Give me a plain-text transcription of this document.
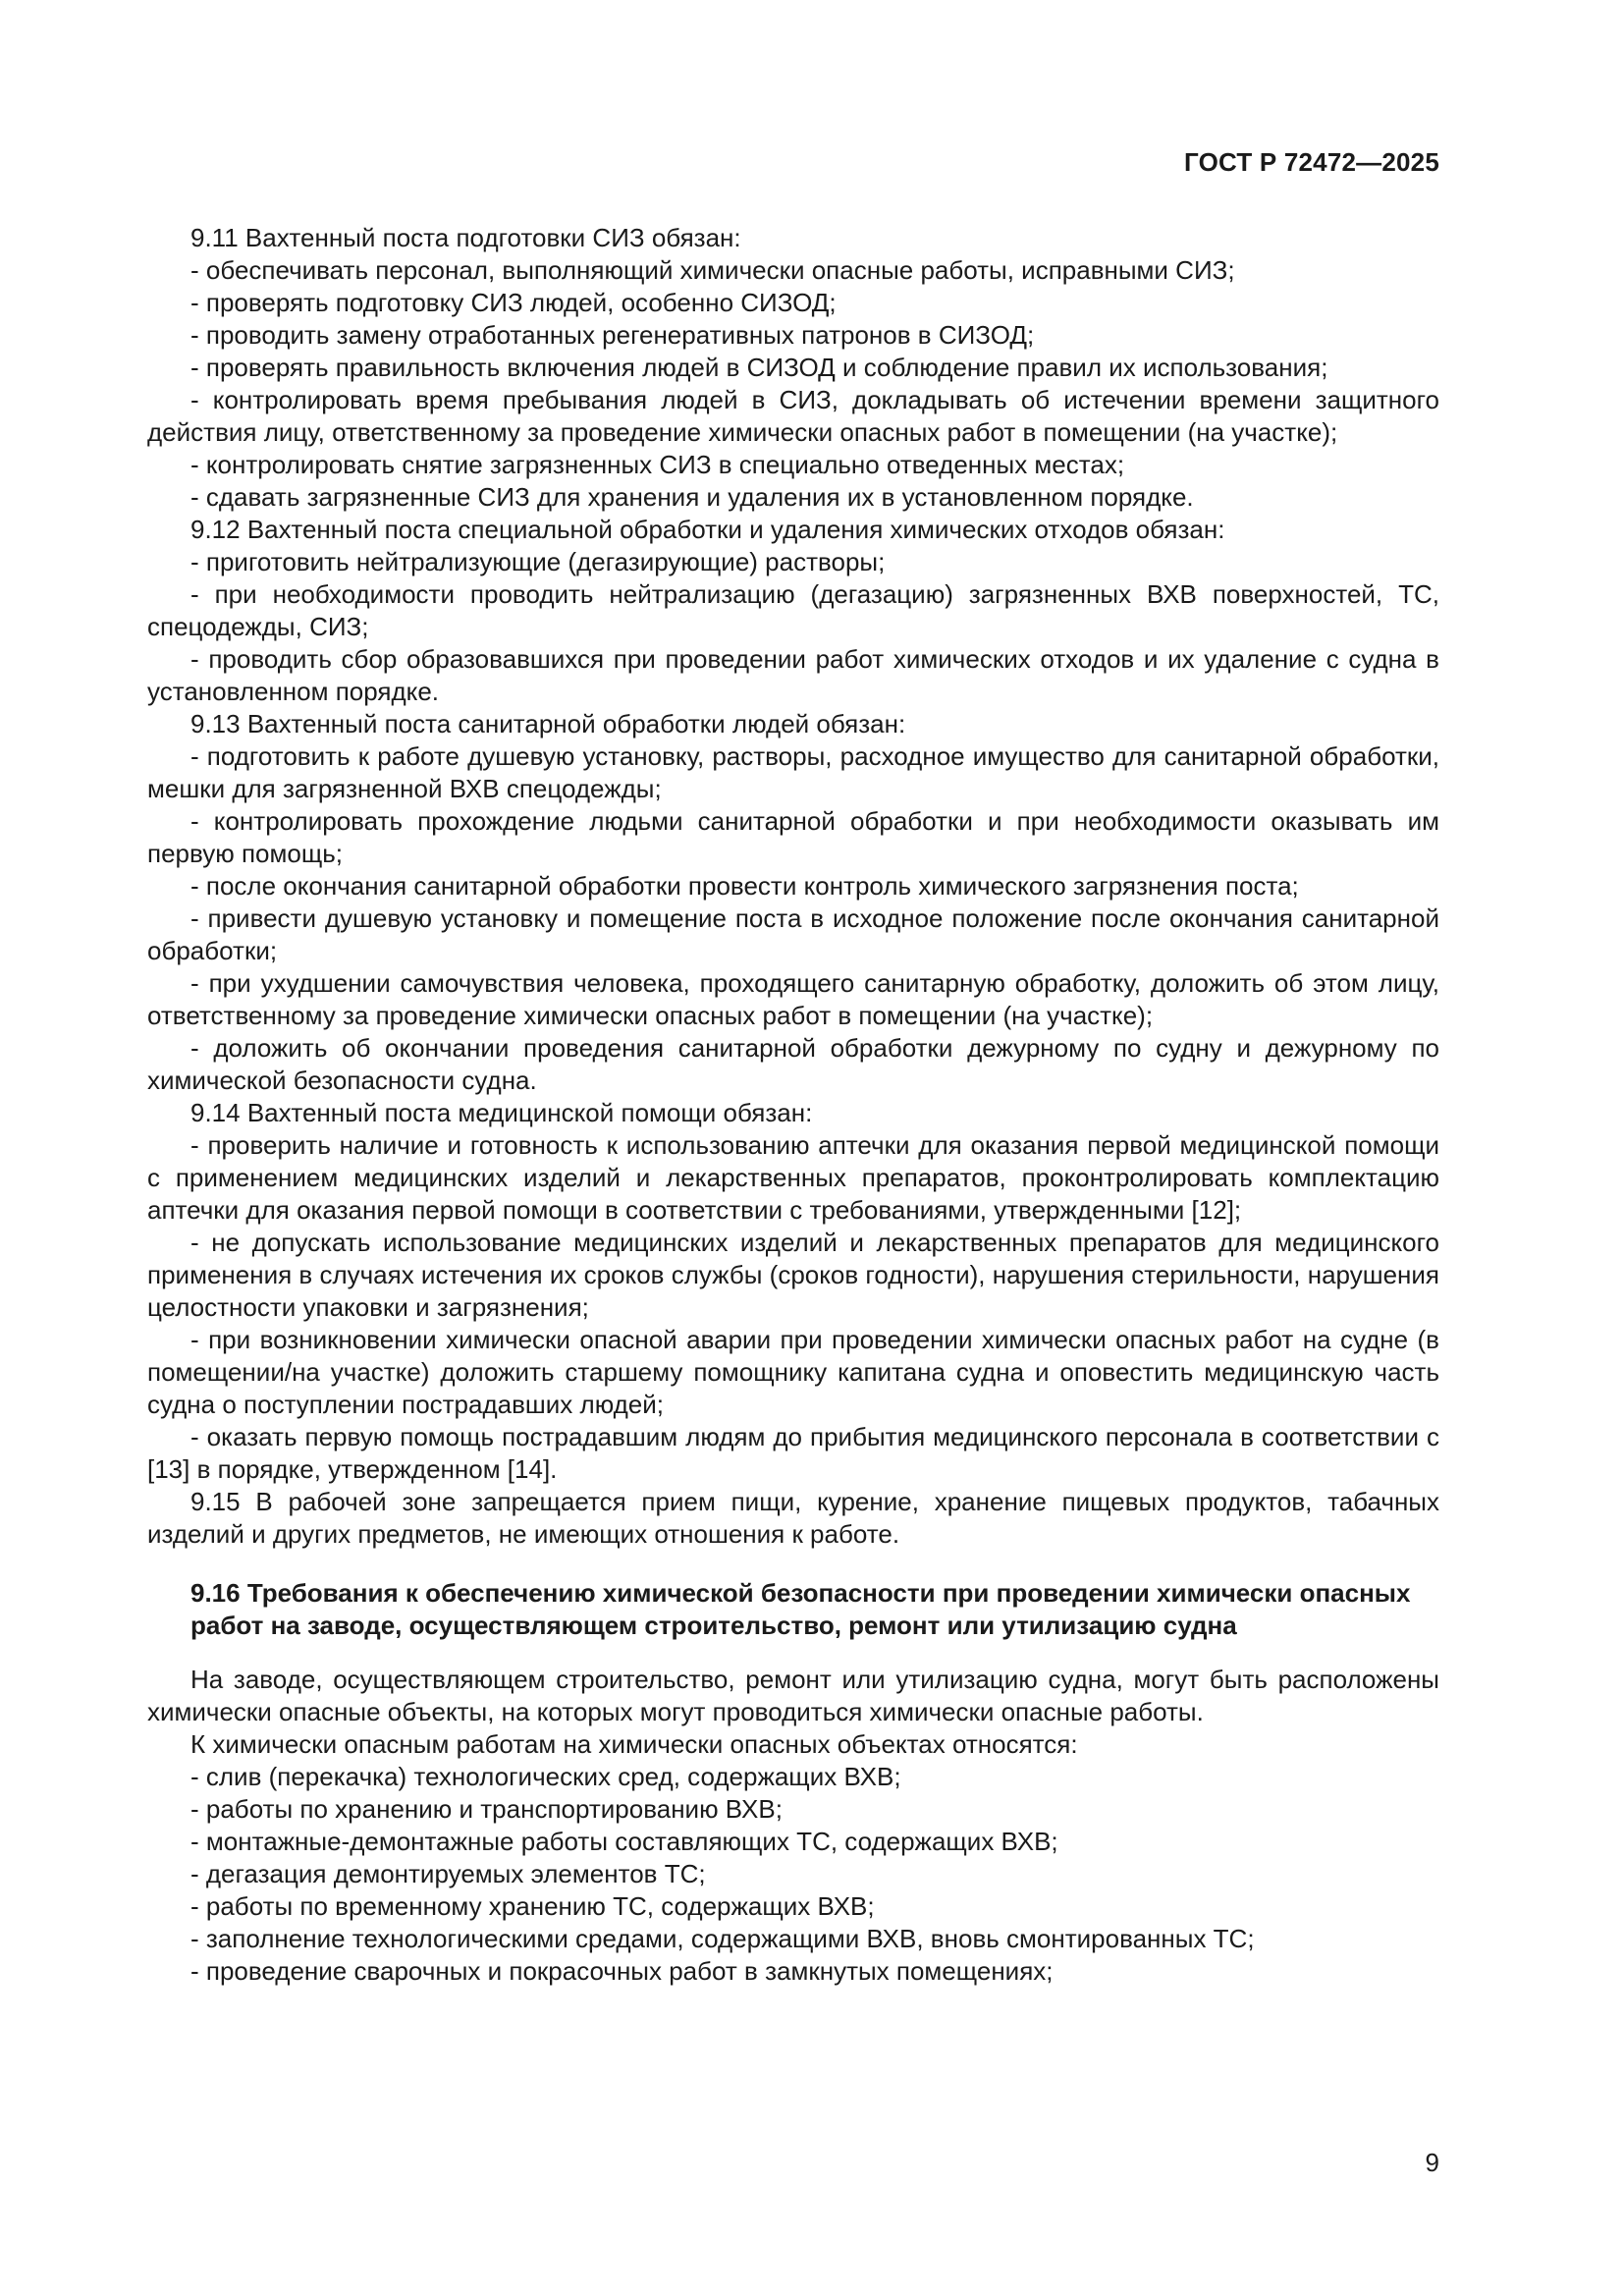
ГОСТ Р 72472—2025

9.11 Вахтенный поста подготовки СИЗ обязан:

- обеспечивать персонал, выполняющий химически опасные работы, исправными СИЗ;

- проверять подготовку СИЗ людей, особенно СИЗОД;

- проводить замену отработанных регенеративных патронов в СИЗОД;

- проверять правильность включения людей в СИЗОД и соблюдение правил их использования;

- контролировать время пребывания людей в СИЗ, докладывать об истечении времени защитного действия лицу, ответственному за проведение химически опасных работ в помещении (на участке);

- контролировать снятие загрязненных СИЗ в специально отведенных местах;

- сдавать загрязненные СИЗ для хранения и удаления их в установленном порядке.

9.12 Вахтенный поста специальной обработки и удаления химических отходов обязан:

- приготовить нейтрализующие (дегазирующие) растворы;

- при необходимости проводить нейтрализацию (дегазацию) загрязненных ВХВ поверхностей, ТС, спецодежды, СИЗ;

- проводить сбор образовавшихся при проведении работ химических отходов и их удаление с судна в установленном порядке.

9.13 Вахтенный поста санитарной обработки людей обязан:

- подготовить к работе душевую установку, растворы, расходное имущество для санитарной обработки, мешки для загрязненной ВХВ спецодежды;

- контролировать прохождение людьми санитарной обработки и при необходимости оказывать им первую помощь;

- после окончания санитарной обработки провести контроль химического загрязнения поста;

- привести душевую установку и помещение поста в исходное положение после окончания санитарной обработки;

- при ухудшении самочувствия человека, проходящего санитарную обработку, доложить об этом лицу, ответственному за проведение химически опасных работ в помещении (на участке);

- доложить об окончании проведения санитарной обработки дежурному по судну и дежурному по химической безопасности судна.

9.14 Вахтенный поста медицинской помощи обязан:

- проверить наличие и готовность к использованию аптечки для оказания первой медицинской помощи с применением медицинских изделий и лекарственных препаратов, проконтролировать комплектацию аптечки для оказания первой помощи в соответствии с требованиями, утвержденными [12];

- не допускать использование медицинских изделий и лекарственных препаратов для медицинского применения в случаях истечения их сроков службы (сроков годности), нарушения стерильности, нарушения целостности упаковки и загрязнения;

- при возникновении химически опасной аварии при проведении химически опасных работ на судне (в помещении/на участке) доложить старшему помощнику капитана судна и оповестить медицинскую часть судна о поступлении пострадавших людей;

- оказать первую помощь пострадавшим людям до прибытия медицинского персонала в соответствии с [13] в порядке, утвержденном [14].

9.15 В рабочей зоне запрещается прием пищи, курение, хранение пищевых продуктов, табачных изделий и других предметов, не имеющих отношения к работе.

9.16 Требования к обеспечению химической безопасности при проведении химически опасных работ на заводе, осуществляющем строительство, ремонт или утилизацию судна

На заводе, осуществляющем строительство, ремонт или утилизацию судна, могут быть расположены химически опасные объекты, на которых могут проводиться химически опасные работы.

К химически опасным работам на химически опасных объектах относятся:

- слив (перекачка) технологических сред, содержащих ВХВ;

- работы по хранению и транспортированию ВХВ;

- монтажные-демонтажные работы составляющих ТС, содержащих ВХВ;

- дегазация демонтируемых элементов ТС;

- работы по временному хранению ТС, содержащих ВХВ;

- заполнение технологическими средами, содержащими ВХВ, вновь смонтированных ТС;

- проведение сварочных и покрасочных работ в замкнутых помещениях;

9
